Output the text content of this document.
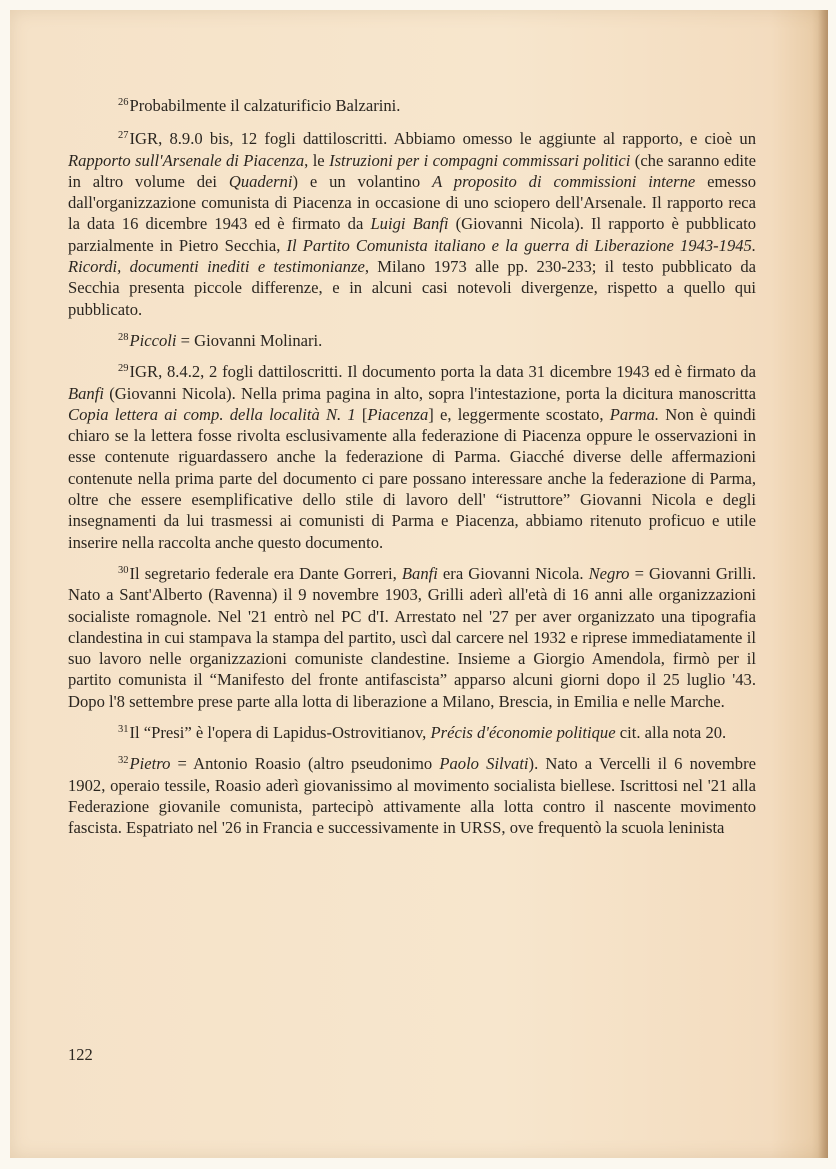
$^{26}$Probabilmente il calzaturificio Balzarini.

$^{27}$IGR, 8.9.0 bis, 12 fogli dattiloscritti. Abbiamo omesso le aggiunte al rapporto, e cioè un Rapporto sull'Arsenale di Piacenza, le Istruzioni per i compagni commissari politici (che saranno edite in altro volume dei Quaderni) e un volantino A proposito di commissioni interne emesso dall'organizzazione comunista di Piacenza in occasione di uno sciopero dell'Arsenale. Il rapporto reca la data 16 dicembre 1943 ed è firmato da Luigi Banfi (Giovanni Nicola). Il rapporto è pubblicato parzialmente in Pietro Secchia, Il Partito Comunista italiano e la guerra di Liberazione 1943-1945. Ricordi, documenti inediti e testimonianze, Milano 1973 alle pp. 230-233; il testo pubblicato da Secchia presenta piccole differenze, e in alcuni casi notevoli divergenze, rispetto a quello qui pubblicato.

$^{28}$Piccoli = Giovanni Molinari.

$^{29}$IGR, 8.4.2, 2 fogli dattiloscritti. Il documento porta la data 31 dicembre 1943 ed è firmato da Banfi (Giovanni Nicola). Nella prima pagina in alto, sopra l'intestazione, porta la dicitura manoscritta Copia lettera ai comp. della località N. 1 [Piacenza] e, leggermente scostato, Parma. Non è quindi chiaro se la lettera fosse rivolta esclusivamente alla federazione di Piacenza oppure le osservazioni in esse contenute riguardassero anche la federazione di Parma. Giacché diverse delle affermazioni contenute nella prima parte del documento ci pare possano interessare anche la federazione di Parma, oltre che essere esemplificative dello stile di lavoro dell' “istruttore” Giovanni Nicola e degli insegnamenti da lui trasmessi ai comunisti di Parma e Piacenza, abbiamo ritenuto proficuo e utile inserire nella raccolta anche questo documento.

$^{30}$Il segretario federale era Dante Gorreri, Banfi era Giovanni Nicola. Negro = Giovanni Grilli. Nato a Sant'Alberto (Ravenna) il 9 novembre 1903, Grilli aderì all'età di 16 anni alle organizzazioni socialiste romagnole. Nel '21 entrò nel PC d'I. Arrestato nel '27 per aver organizzato una tipografia clandestina in cui stampava la stampa del partito, uscì dal carcere nel 1932 e riprese immediatamente il suo lavoro nelle organizzazioni comuniste clandestine. Insieme a Giorgio Amendola, firmò per il partito comunista il “Manifesto del fronte antifascista” apparso alcuni giorni dopo il 25 luglio '43. Dopo l'8 settembre prese parte alla lotta di liberazione a Milano, Brescia, in Emilia e nelle Marche.

$^{31}$Il “Presi” è l'opera di Lapidus-Ostrovitianov, Précis d'économie politique cit. alla nota 20.

$^{32}$Pietro = Antonio Roasio (altro pseudonimo Paolo Silvati). Nato a Vercelli il 6 novembre 1902, operaio tessile, Roasio aderì giovanissimo al movimento socialista biellese. Iscrittosi nel '21 alla Federazione giovanile comunista, partecipò attivamente alla lotta contro il nascente movimento fascista. Espatriato nel '26 in Francia e successivamente in URSS, ove frequentò la scuola leninista

122
